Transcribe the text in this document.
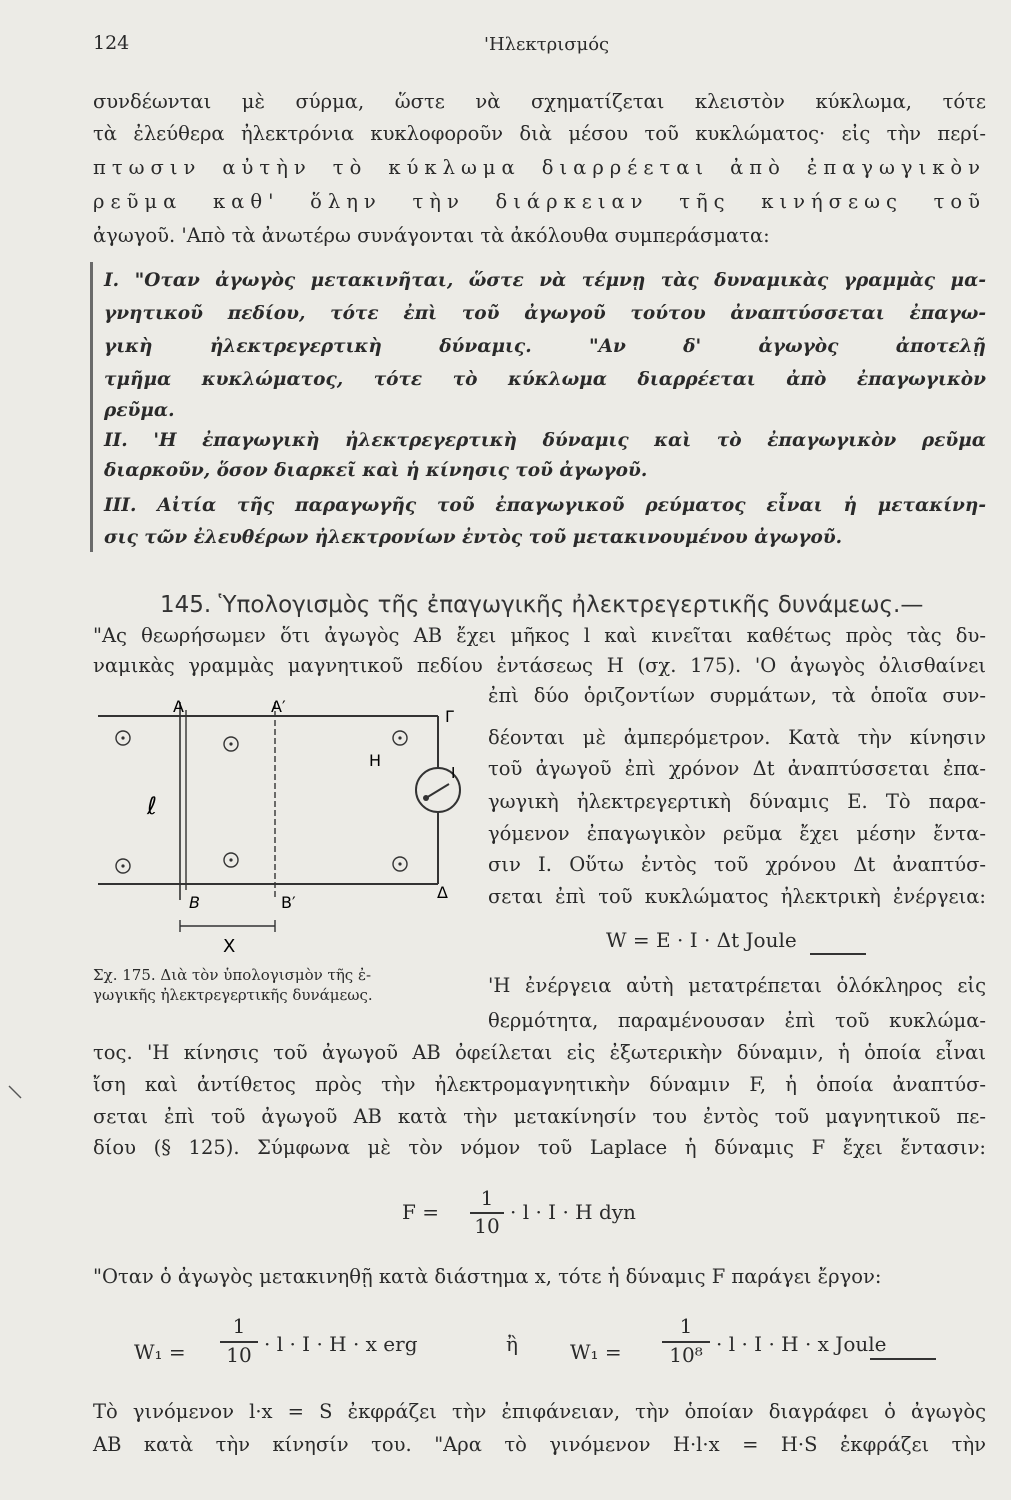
124	'Ηλεκτρισμός
συνδέωνται μὲ σύρμα, ὥστε νὰ σχηματίζεται κλειστὸν κύκλωμα, τότε
τὰ ἐλεύθερα ἠλεκτρόνια κυκλοφοροῦν διὰ μέσου τοῦ κυκλώματος· εἰς τὴν περί-
πτωσιν αὐτὴν τὸ κύκλωμα διαρρέεται ἀπὸ ἐπαγωγικὸν
ρεῦμα καθ' ὅλην τὴν διάρκειαν τῆς κινήσεως τοῦ
ἀγωγοῦ. 'Απὸ τὰ ἀνωτέρω συνάγονται τὰ ἀκόλουθα συμπεράσματα:
I. "Οταν ἀγωγὸς μετακινῆται, ὥστε νὰ τέμνῃ τὰς δυναμικὰς γραμμὰς μα-
γνητικοῦ πεδίου, τότε ἐπὶ τοῦ ἀγωγοῦ τούτου ἀναπτύσσεται ἐπαγω-
γικὴ ἠλεκτρεγερτικὴ δύναμις. "Αν δ' ἀγωγὸς ἀποτελῇ
τμῆμα κυκλώματος, τότε τὸ κύκλωμα διαρρέεται ἀπὸ ἐπαγωγικὸν
ρεῦμα.
II. 'Η ἐπαγωγικὴ ἠλεκτρεγερτικὴ δύναμις καὶ τὸ ἐπαγωγικὸν ρεῦμα
διαρκοῦν, ὅσον διαρκεῖ καὶ ἡ κίνησις τοῦ ἀγωγοῦ.
III. Αἰτία τῆς παραγωγῆς τοῦ ἐπαγωγικοῦ ρεύματος εἶναι ἡ μετακίνη-
σις τῶν ἐλευθέρων ἠλεκτρονίων ἐντὸς τοῦ μετακινουμένου ἀγωγοῦ.
145. Ὑπολογισμὸς τῆς ἐπαγωγικῆς ἠλεκτρεγερτικῆς δυνάμεως.—
"Ας θεωρήσωμεν ὅτι ἀγωγὸς ΑΒ ἔχει μῆκος l καὶ κινεῖται καθέτως πρὸς τὰς δυ-
ναμικὰς γραμμὰς μαγνητικοῦ πεδίου ἐντάσεως Η (σχ. 175). 'Ο ἀγωγὸς ὀλισθαίνει
ἐπὶ δύο ὁριζοντίων συρμάτων, τὰ ὁποῖα συν-
δέονται μὲ ἀμπερόμετρον. Κατὰ τὴν κίνησιν
τοῦ ἀγωγοῦ ἐπὶ χρόνον Δt ἀναπτύσσεται ἐπα-
γωγικὴ ἠλεκτρεγερτικὴ δύναμις Ε. Τὸ παρα-
γόμενον ἐπαγωγικὸν ρεῦμα ἔχει μέσην ἔντα-
σιν Ι. Οὕτω ἐντὸς τοῦ χρόνου Δt ἀναπτύσ-
σεται ἐπὶ τοῦ κυκλώματος ἠλεκτρικὴ ἐνέργεια:
W = E · I · Δt Joule
'Η ἐνέργεια αὐτὴ μετατρέπεται ὁλόκληρος εἰς
θερμότητα, παραμένουσαν ἐπὶ τοῦ κυκλώμα-
A	A′
Γ
H
I
ℓ
B	B′
Δ
X
Σχ. 175. Διὰ τὸν ὑπολογισμὸν τῆς ἐ-
γωγικῆς ἠλεκτρεγερτικῆς δυνάμεως.
τος. 'Η κίνησις τοῦ ἀγωγοῦ ΑΒ ὀφείλεται εἰς ἐξωτερικὴν δύναμιν, ἡ ὁποία εἶναι
ἴση καὶ ἀντίθετος πρὸς τὴν ἠλεκτρομαγνητικὴν δύναμιν F, ἡ ὁποία ἀναπτύσ-
σεται ἐπὶ τοῦ ἀγωγοῦ ΑΒ κατὰ τὴν μετακίνησίν του ἐντὸς τοῦ μαγνητικοῦ πε-
δίου (§ 125). Σύμφωνα μὲ τὸν νόμον τοῦ Laplace ἡ δύναμις F ἔχει ἔντασιν:
F =
1
10
· l · I · H dyn
"Οταν ὁ ἀγωγὸς μετακινηθῇ κατὰ διάστημα x, τότε ἡ δύναμις F παράγει ἔργον:
W₁ =
1
10 · l · I · H · x erg	ἢ	W₁ =
1
10⁸ · l · I · H · x Joule
Τὸ γινόμενον l·x = S ἐκφράζει τὴν ἐπιφάνειαν, τὴν ὁποίαν διαγράφει ὁ ἀγωγὸς
ΑΒ κατὰ τὴν κίνησίν του. "Αρα τὸ γινόμενον Η·l·x = Η·S ἐκφράζει τὴν
